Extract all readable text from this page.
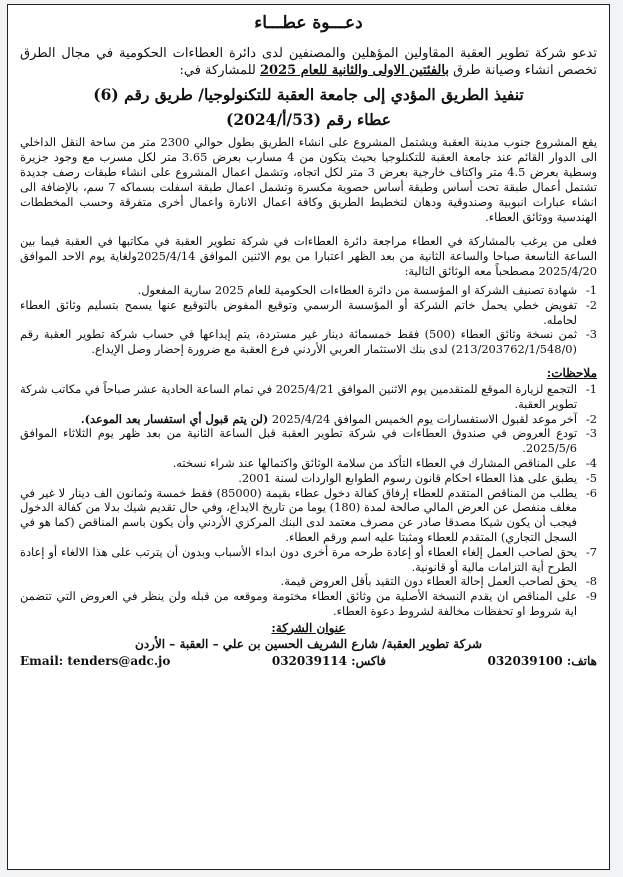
دعـــوة عطـــاء

تدعو شركة تطوير العقبة المقاولين المؤهلين والمصنفين لدى دائرة العطاءات الحكومية في مجال الطرق تخصص انشاء وصيانة طرق بالفئتين الاولى والثانية للعام 2025 للمشاركة في:

تنفيذ الطريق المؤدي إلى جامعة العقبة للتكنولوجيا/ طريق رقم (6)
عطاء رقم (53/أ/2024)

يقع المشروع جنوب مدينة العقبة ويشتمل المشروع على انشاء الطريق بطول حوالي 2300 متر من ساحة النقل الداخلي الى الدوار القائم عند جامعة العقبة للتكنلوجيا بحيث يتكون من 4 مسارب بعرض 3.65 متر لكل مسرب مع وجود جزيرة وسطية بعرض 4.5 متر واكتاف خارجية بعرض 3 متر لكل اتجاه، وتشمل اعمال المشروع على انشاء طبقات رصف جديدة تشتمل أعمال طبقة تحت أساس وطبقة أساس حصوية مكسرة وتشمل اعمال طبقة اسفلت بسماكه 7 سم، بالإضافة الى انشاء عبارات انبوبية وصندوقية ودهان لتخطيط الطريق وكافة اعمال الانارة واعمال أخرى متفرقة وحسب المخططات الهندسية ووثائق العطاء.

فعلى من يرغب بالمشاركة في العطاء مراجعة دائرة العطاءات في شركة تطوير العقبة في مكاتبها في العقبة فيما بين الساعة التاسعة صباحا والساعة الثانية من بعد الظهر اعتبارا من يوم الاثنين الموافق 2025/4/14ولغاية يوم الاحد الموافق 2025/4/20 مصطحباً معه الوثائق التالية:

1-
شهادة تصنيف الشركة او المؤسسة من دائرة العطاءات الحكومية للعام 2025 سارية المفعول.
2-
تفويض خطي يحمل خاتم الشركة أو المؤسسة الرسمي وتوقيع المفوض بالتوقيع عنها يسمح بتسليم وثائق العطاء لحامله.
3-
ثمن نسخة وثائق العطاء (500) فقط خمسمائة دينار غير مستردة، يتم إيداعها في حساب شركة تطوير العقبة رقم (213/203762/1/548/0) لدى بنك الاستثمار العربي الأردني فرع العقبة مع ضرورة إحضار وصل الإيداع.
ملاحظات:
1-
التجمع لزيارة الموقع للمتقدمين يوم الاثنين الموافق 2025/4/21 في تمام الساعة الحادية عشر صباحاً في مكاتب شركة تطوير العقبة.
2-
آخر موعد لقبول الاستفسارات يوم الخميس الموافق 2025/4/24 (لن يتم قبول أي استفسار بعد الموعد).
3-
تودع العروض في صندوق العطاءات في شركة تطوير العقبة قبل الساعة الثانية من بعد ظهر يوم الثلاثاء الموافق 2025/5/6.
4-
على المناقص المشارك في العطاء التأكد من سلامة الوثائق واكتمالها عند شراء نسخته.
5-
يطبق على هذا العطاء احكام قانون رسوم الطوابع الواردات لسنة 2001.
6-
يطلب من المناقص المتقدم للعطاء إرفاق كفالة دخول عطاء بقيمة (85000) فقط خمسة وثمانون الف دينار لا غير في مغلف منفصل عن العرض المالي صالحة لمدة (180) يوما من تاريخ الايداع، وفي حال تقديم شيك بدلا من كفالة الدخول فيجب أن يكون شيكا مصدقا صادر عن مصرف معتمد لدى البنك المركزي الأردني وأن يكون باسم المناقص (كما هو في السجل التجاري) المتقدم للعطاء ومثبتا عليه اسم ورقم العطاء.
7-
يحق لصاحب العمل إلغاء العطاء أو إعادة طرحه مرة أخرى دون ابداء الأسباب وبدون أن يترتب على هذا الالغاء أو إعادة الطرح أية التزامات مالية أو قانونية.
8-
يحق لصاحب العمل إحالة العطاء دون التقيد بأقل العروض قيمة.
9-
على المناقص ان يقدم النسخة الأصلية من وثائق العطاء مختومة وموقعه من قبله ولن ينظر في العروض التي تتضمن اية شروط او تحفظات مخالفة لشروط دعوة العطاء.
عنوان الشركة:
شركة تطوير العقبة/ شارع الشريف الحسين بن علي – العقبة – الأردن
هاتف: 032039100
فاكس: 032039114
Email: tenders@adc.jo
